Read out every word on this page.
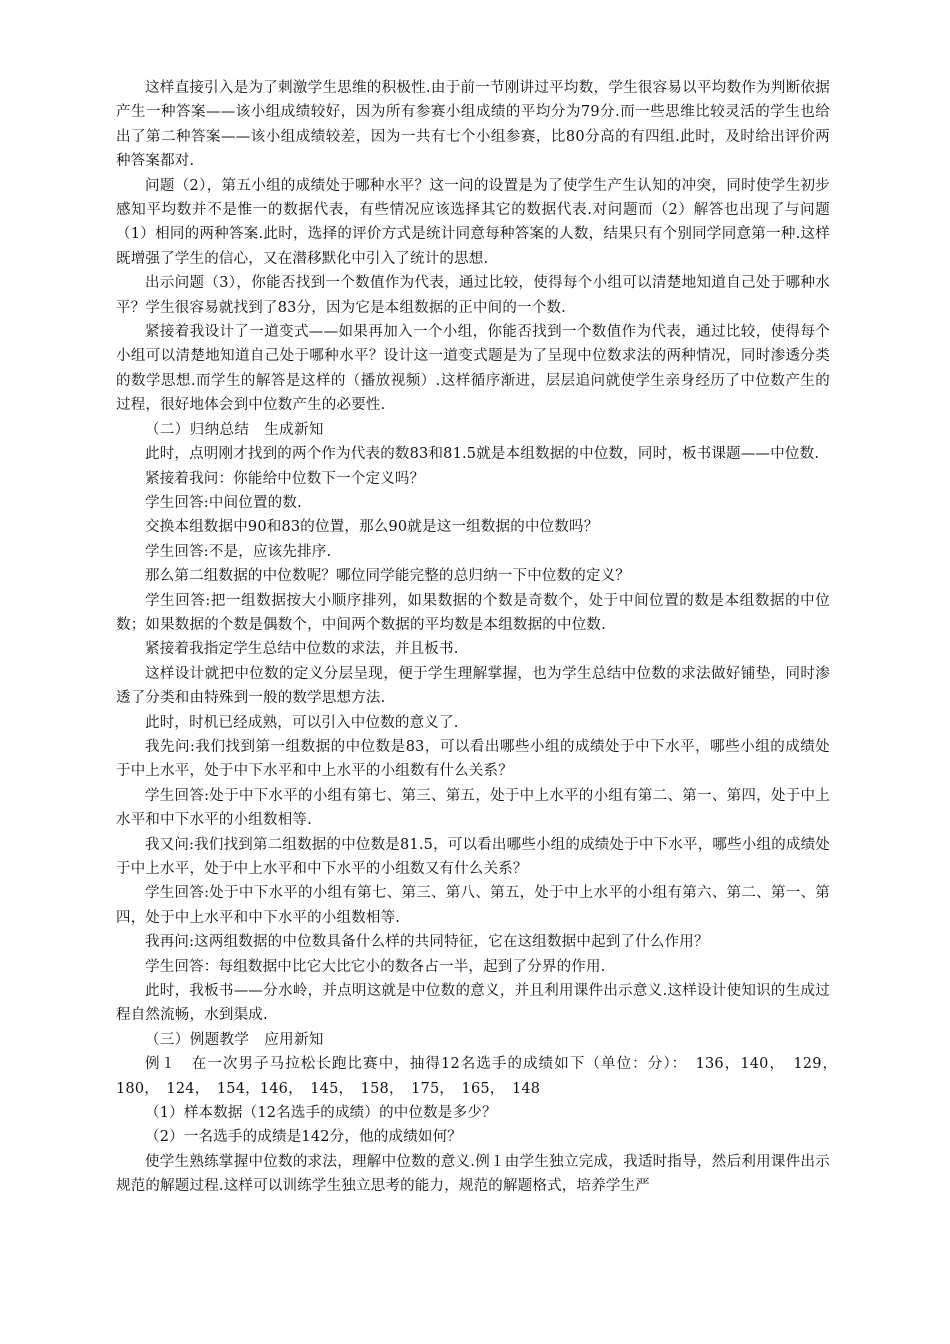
这样直接引入是为了刺激学生思维的积极性.由于前一节刚讲过平均数，学生很容易以平均数作为判断依据产生一种答案——该小组成绩较好，因为所有参赛小组成绩的平均分为79分.而一些思维比较灵活的学生也给出了第二种答案——该小组成绩较差，因为一共有七个小组参赛，比80分高的有四组.此时，及时给出评价两种答案都对.

问题（2），第五小组的成绩处于哪种水平？这一问的设置是为了使学生产生认知的冲突，同时使学生初步感知平均数并不是惟一的数据代表，有些情况应该选择其它的数据代表.对问题而（2）解答也出现了与问题（1）相同的两种答案.此时，选择的评价方式是统计同意每种答案的人数，结果只有个别同学同意第一种.这样既增强了学生的信心，又在潜移默化中引入了统计的思想.

出示问题（3），你能否找到一个数值作为代表，通过比较，使得每个小组可以清楚地知道自己处于哪种水平？学生很容易就找到了83分，因为它是本组数据的正中间的一个数.

紧接着我设计了一道变式——如果再加入一个小组，你能否找到一个数值作为代表，通过比较，使得每个小组可以清楚地知道自己处于哪种水平？设计这一道变式题是为了呈现中位数求法的两种情况，同时渗透分类的数学思想.而学生的解答是这样的（播放视频）.这样循序渐进，层层追问就使学生亲身经历了中位数产生的过程，很好地体会到中位数产生的必要性.

（二）归纳总结　生成新知

此时，点明刚才找到的两个作为代表的数83和81.5就是本组数据的中位数，同时，板书课题——中位数.

紧接着我问：你能给中位数下一个定义吗？

学生回答:中间位置的数.

交换本组数据中90和83的位置，那么90就是这一组数据的中位数吗？

学生回答:不是，应该先排序.

那么第二组数据的中位数呢？哪位同学能完整的总归纳一下中位数的定义？

学生回答:把一组数据按大小顺序排列，如果数据的个数是奇数个，处于中间位置的数是本组数据的中位数；如果数据的个数是偶数个，中间两个数据的平均数是本组数据的中位数.

紧接着我指定学生总结中位数的求法，并且板书.

这样设计就把中位数的定义分层呈现，便于学生理解掌握，也为学生总结中位数的求法做好铺垫，同时渗透了分类和由特殊到一般的数学思想方法.

此时，时机已经成熟，可以引入中位数的意义了.

我先问:我们找到第一组数据的中位数是83，可以看出哪些小组的成绩处于中下水平，哪些小组的成绩处于中上水平，处于中下水平和中上水平的小组数有什么关系？

学生回答:处于中下水平的小组有第七、第三、第五，处于中上水平的小组有第二、第一、第四，处于中上水平和中下水平的小组数相等.

我又问:我们找到第二组数据的中位数是81.5，可以看出哪些小组的成绩处于中下水平，哪些小组的成绩处于中上水平，处于中上水平和中下水平的小组数又有什么关系？

学生回答:处于中下水平的小组有第七、第三、第八、第五，处于中上水平的小组有第六、第二、第一、第四，处于中上水平和中下水平的小组数相等.

我再问:这两组数据的中位数具备什么样的共同特征，它在这组数据中起到了什么作用？

学生回答：每组数据中比它大比它小的数各占一半，起到了分界的作用.

此时，我板书——分水岭，并点明这就是中位数的意义，并且利用课件出示意义.这样设计使知识的生成过程自然流畅，水到渠成.

（三）例题教学　应用新知

例１　在一次男子马拉松长跑比赛中，抽得12名选手的成绩如下（单位：分）：　136，140，　129，　180，　124，　154，146，　145，　158，　175，　165，　148

（1）样本数据（12名选手的成绩）的中位数是多少？

（2）一名选手的成绩是142分，他的成绩如何？

使学生熟练掌握中位数的求法，理解中位数的意义.例１由学生独立完成，我适时指导，然后利用课件出示规范的解题过程.这样可以训练学生独立思考的能力，规范的解题格式，培养学生严
